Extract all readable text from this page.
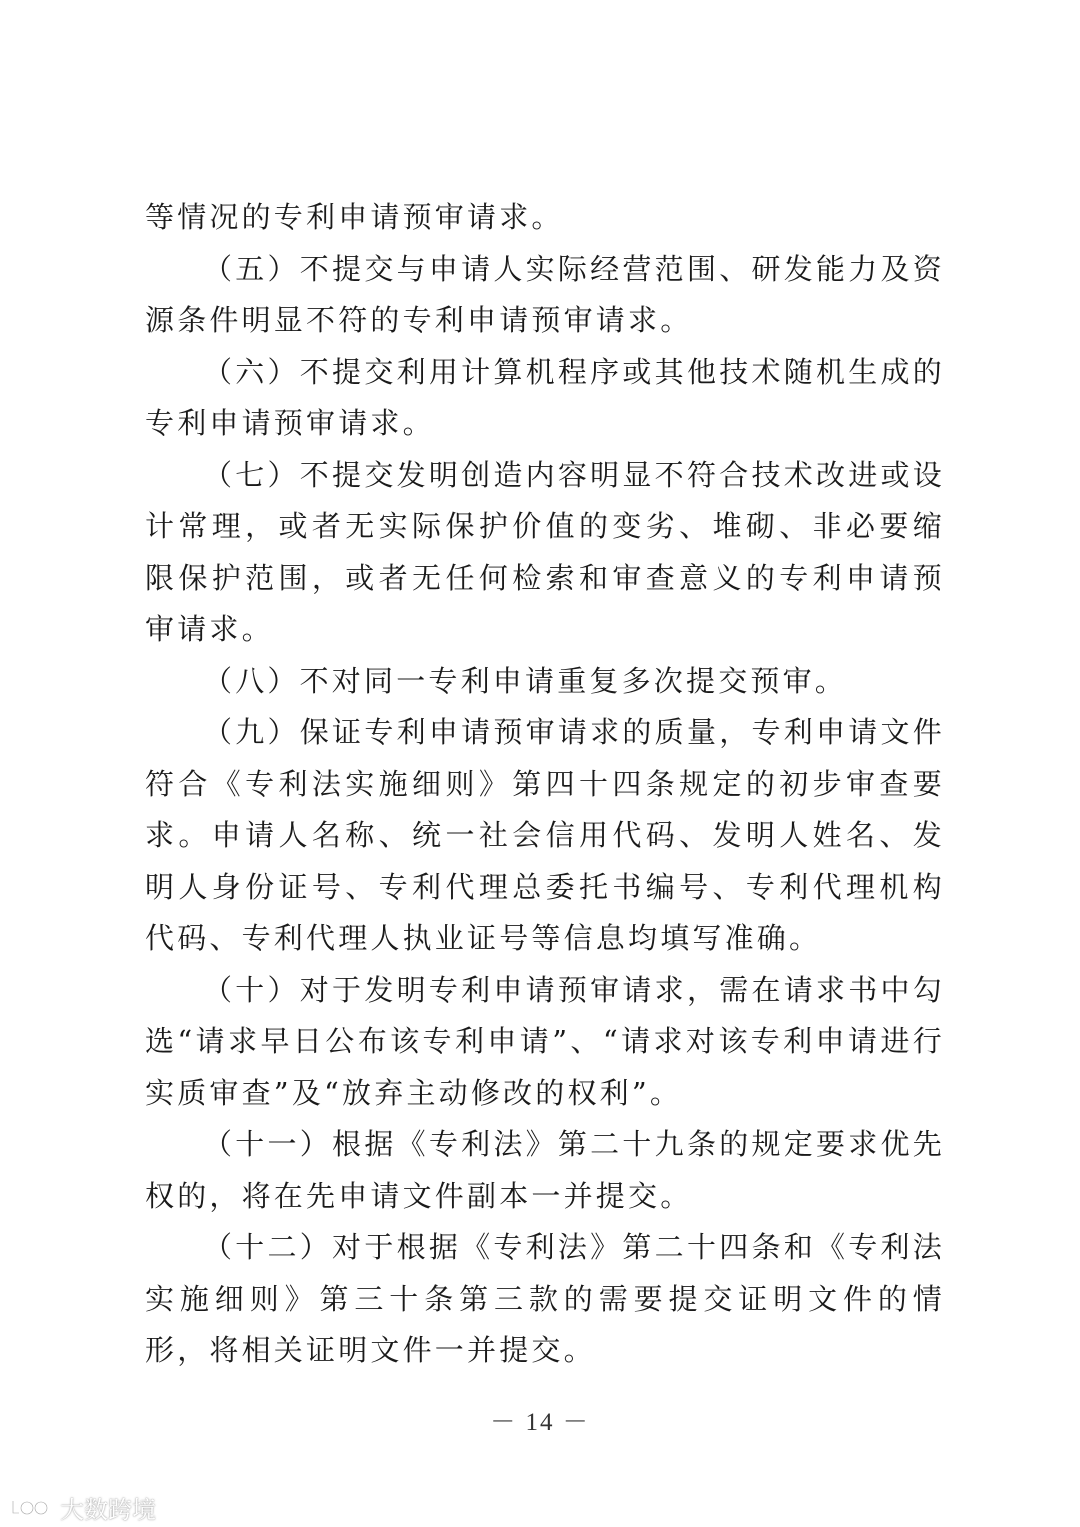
等情况的专利申请预审请求。

（五）不提交与申请人实际经营范围、研发能力及资源条件明显不符的专利申请预审请求。

（六）不提交利用计算机程序或其他技术随机生成的专利申请预审请求。

（七）不提交发明创造内容明显不符合技术改进或设计常理，或者无实际保护价值的变劣、堆砌、非必要缩限保护范围，或者无任何检索和审查意义的专利申请预审请求。

（八）不对同一专利申请重复多次提交预审。

（九）保证专利申请预审请求的质量，专利申请文件符合《专利法实施细则》第四十四条规定的初步审查要求。申请人名称、统一社会信用代码、发明人姓名、发明人身份证号、专利代理总委托书编号、专利代理机构代码、专利代理人执业证号等信息均填写准确。

（十）对于发明专利申请预审请求，需在请求书中勾选“请求早日公布该专利申请”、“请求对该专利申请进行实质审查”及“放弃主动修改的权利”。

（十一）根据《专利法》第二十九条的规定要求优先权的，将在先申请文件副本一并提交。

（十二）对于根据《专利法》第二十四条和《专利法实施细则》第三十条第三款的需要提交证明文件的情形，将相关证明文件一并提交。

－ 14 －
大数跨境
